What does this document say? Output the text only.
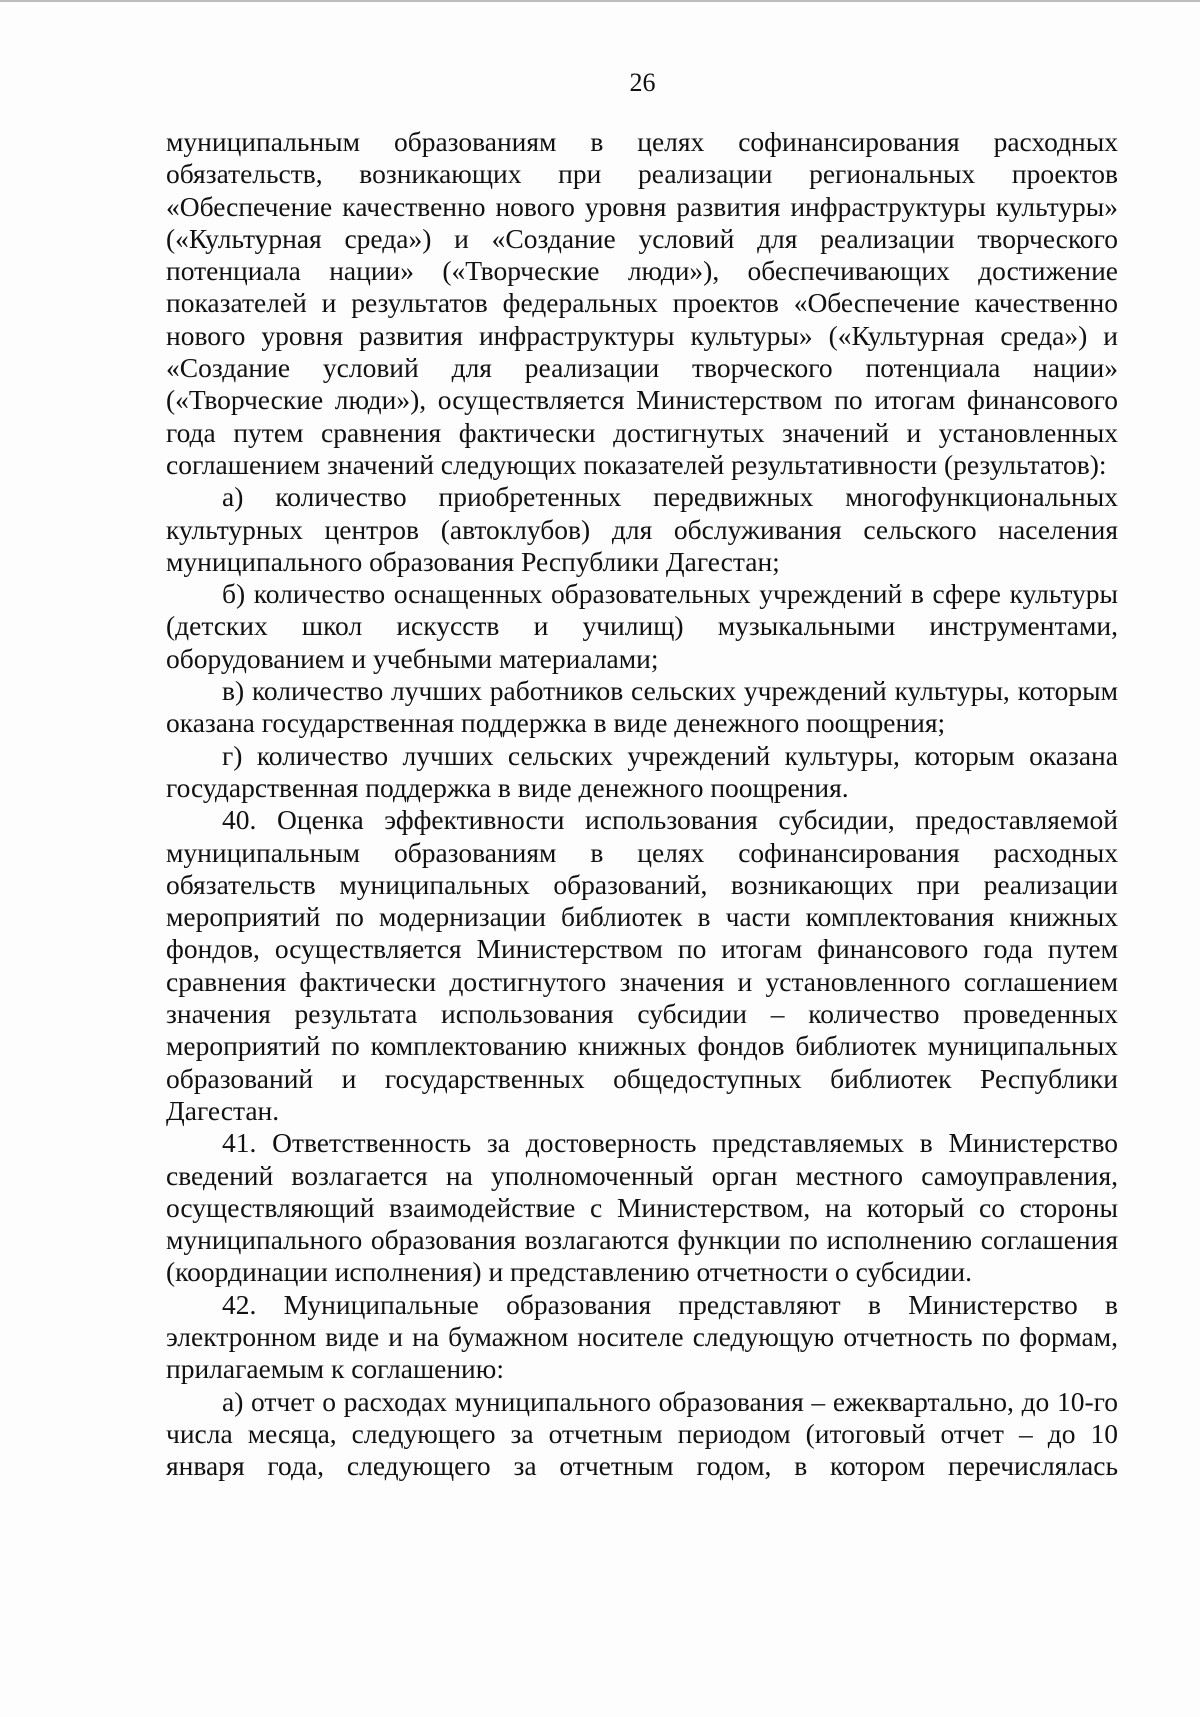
26

муниципальным образованиям в целях софинансирования расходных обязательств, возникающих при реализации региональных проектов «Обеспечение качественно нового уровня развития инфраструктуры культуры» («Культурная среда») и «Создание условий для реализации творческого потенциала нации» («Творческие люди»), обеспечивающих достижение показателей и результатов федеральных проектов «Обеспечение качественно нового уровня развития инфраструктуры культуры» («Культурная среда») и «Создание условий для реализации творческого потенциала нации» («Творческие люди»), осуществляется Министерством по итогам финансового года путем сравнения фактически достигнутых значений и установленных соглашением значений следующих показателей результативности (результатов):

а) количество приобретенных передвижных многофункциональных культурных центров (автоклубов) для обслуживания сельского населения муниципального образования Республики Дагестан;

б) количество оснащенных образовательных учреждений в сфере культуры (детских школ искусств и училищ) музыкальными инструментами, оборудованием и учебными материалами;

в) количество лучших работников сельских учреждений культуры, которым оказана государственная поддержка в виде денежного поощрения;

г) количество лучших сельских учреждений культуры, которым оказана государственная поддержка в виде денежного поощрения.

40. Оценка эффективности использования субсидии, предоставляемой муниципальным образованиям в целях софинансирования расходных обязательств муниципальных образований, возникающих при реализации мероприятий по модернизации библиотек в части комплектования книжных фондов, осуществляется Министерством по итогам финансового года путем сравнения фактически достигнутого значения и установленного соглашением значения результата использования субсидии – количество проведенных мероприятий по комплектованию книжных фондов библиотек муниципальных образований и государственных общедоступных библиотек Республики Дагестан.

41. Ответственность за достоверность представляемых в Министерство сведений возлагается на уполномоченный орган местного самоуправления, осуществляющий взаимодействие с Министерством, на который со стороны муниципального образования возлагаются функции по исполнению соглашения (координации исполнения) и представлению отчетности о субсидии.

42. Муниципальные образования представляют в Министерство в электронном виде и на бумажном носителе следующую отчетность по формам, прилагаемым к соглашению:

а) отчет о расходах муниципального образования – ежеквартально, до 10-го числа месяца, следующего за отчетным периодом (итоговый отчет – до 10 января года, следующего за отчетным годом, в котором перечислялась
